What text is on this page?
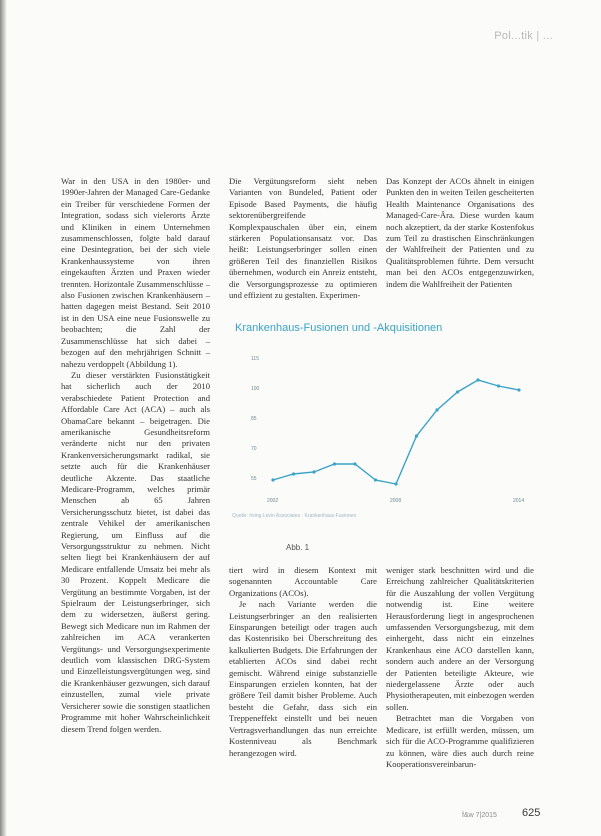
Pol...tik | ...

War in den USA in den 1980er- und 1990er-Jahren der Managed Care-Gedanke ein Treiber für verschiedene Formen der Integration, sodass sich vielerorts Ärzte und Kliniken in einem Unternehmen zusammenschlossen, folgte bald darauf eine Desintegration, bei der sich viele Krankenhaussysteme von ihren eingekauften Ärzten und Praxen wieder trennten. Horizontale Zusammenschlüsse – also Fusionen zwischen Krankenhäusern – hatten dagegen meist Bestand. Seit 2010 ist in den USA eine neue Fusionswelle zu beobachten; die Zahl der Zusammenschlüsse hat sich dabei – bezogen auf den mehrjährigen Schnitt – nahezu verdoppelt (Abbildung 1).

Zu dieser verstärkten Fusionstätigkeit hat sicherlich auch der 2010 verabschiedete Patient Protection and Affordable Care Act (ACA) – auch als ObamaCare bekannt – beigetragen. Die amerikanische Gesundheitsreform veränderte nicht nur den privaten Krankenversicherungsmarkt radikal, sie setzte auch für die Krankenhäuser deutliche Akzente. Das staatliche Medicare-Programm, welches primär Menschen ab 65 Jahren Versicherungsschutz bietet, ist dabei das zentrale Vehikel der amerikanischen Regierung, um Einfluss auf die Versorgungsstruktur zu nehmen. Nicht selten liegt bei Krankenhäusern der auf Medicare entfallende Umsatz bei mehr als 30 Prozent. Koppelt Medicare die Vergütung an bestimmte Vorgaben, ist der Spielraum der Leistungserbringer, sich dem zu widersetzen, äußerst gering. Bewegt sich Medicare nun im Rahmen der zahlreichen im ACA verankerten Vergütungs- und Versorgungsexperimente deutlich vom klassischen DRG-System und Einzelleistungsvergütungen weg, sind die Krankenhäuser gezwungen, sich darauf einzustellen, zumal viele private Versicherer sowie die sonstigen staatlichen Programme mit hoher Wahrscheinlichkeit diesem Trend folgen werden.

Die Vergütungsreform sieht neben Varianten von Bundeled, Patient oder Episode Based Payments, die häufig sektorenübergreifende Komplexpauschalen über ein, einem stärkeren Populationsansatz vor. Das heißt: Leistungserbringer sollen einen größeren Teil des finanziellen Risikos übernehmen, wodurch ein Anreiz entsteht, die Versorgungsprozesse zu optimieren und effizient zu gestalten. Experimen-

Das Konzept der ACOs ähnelt in einigen Punkten den in weiten Teilen gescheiterten Health Maintenance Organisations des Managed-Care-Ära. Diese wurden kaum noch akzeptiert, da der starke Kostenfokus zum Teil zu drastischen Einschränkungen der Wahlfreiheit der Patienten und zu Qualitätsproblemen führte. Dem versucht man bei den ACOs entgegenzuwirken, indem die Wahlfreiheit der Patienten

Krankenhaus-Fusionen und -Akquisitionen
115
100
85
70
55
2002	2008	2014
Quelle: Irving Levin Associates · Krankenhaus-Fusionen
Abb. 1

tiert wird in diesem Kontext mit sogenannten Accountable Care Organizations (ACOs).

Je nach Variante werden die Leistungserbringer an den realisierten Einsparungen beteiligt oder tragen auch das Kostenrisiko bei Überschreitung des kalkulierten Budgets. Die Erfahrungen der etablierten ACOs sind dabei recht gemischt. Während einige substanzielle Einsparungen erzielen konnten, hat der größere Teil damit bisher Probleme. Auch besteht die Gefahr, dass sich ein Treppeneffekt einstellt und bei neuen Vertragsverhandlungen das nun erreichte Kostenniveau als Benchmark herangezogen wird.

weniger stark beschnitten wird und die Erreichung zahlreicher Qualitätskriterien für die Auszahlung der vollen Vergütung notwendig ist. Eine weitere Herausforderung liegt in angesprochenen umfassenden Versorgungsbezug, mit dem einhergeht, dass nicht ein einzelnes Krankenhaus eine ACO darstellen kann, sondern auch andere an der Versorgung der Patienten beteiligte Akteure, wie niedergelassene Ärzte oder auch Physiotherapeuten, mit einbezogen werden sollen.

Betrachtet man die Vorgaben von Medicare, ist erfüllt werden, müssen, um sich für die ACO-Programme qualifizieren zu können, wäre dies auch durch reine Kooperationsvereinbarun-

f&w 7|2015 625
